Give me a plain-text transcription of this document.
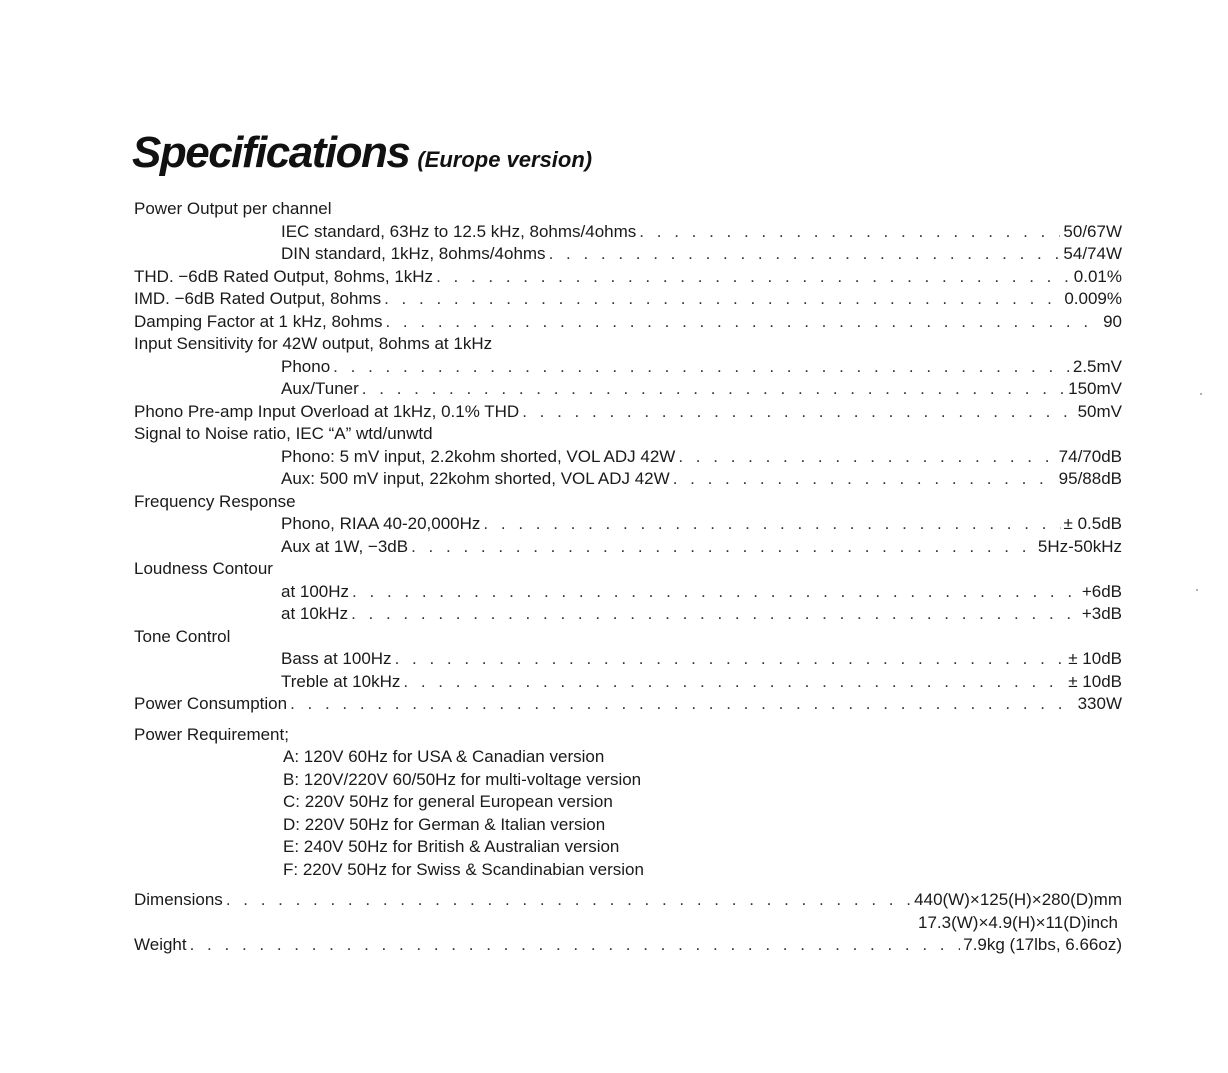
Specifications (Europe version)
Power Output per channel
IEC standard, 63Hz to 12.5 kHz, 8ohms/4ohms . . .	50/67W
DIN standard, 1kHz, 8ohms/4ohms . . .	54/74W
THD. −6dB Rated Output, 8ohms, 1kHz . . .	0.01%
IMD. −6dB Rated Output, 8ohms . . .	0.009%
Damping Factor at 1 kHz, 8ohms . . .	90
Input Sensitivity for 42W output, 8ohms at 1kHz
Phono . . .	2.5mV
Aux/Tuner . . .	150mV
Phono Pre-amp Input Overload at 1kHz, 0.1% THD . . .	50mV
Signal to Noise ratio, IEC “A” wtd/unwtd
Phono: 5 mV input, 2.2kohm shorted, VOL ADJ 42W . . .	74/70dB
Aux: 500 mV input, 22kohm shorted, VOL ADJ 42W . . .	95/88dB
Frequency Response
Phono, RIAA 40-20,000Hz . . .	± 0.5dB
Aux at 1W, −3dB . . .	5Hz-50kHz
Loudness Contour
at 100Hz . . .	+6dB
at 10kHz . . .	+3dB
Tone Control
Bass at 100Hz . . .	± 10dB
Treble at 10kHz . . .	± 10dB
Power Consumption . . .	330W
Power Requirement;
A: 120V 60Hz for USA & Canadian version
B: 120V/220V 60/50Hz for multi-voltage version
C: 220V 50Hz for general European version
D: 220V 50Hz for German & Italian version
E: 240V 50Hz for British & Australian version
F: 220V 50Hz for Swiss & Scandinabian version
Dimensions . . .	440(W)×125(H)×280(D)mm
17.3(W)×4.9(H)×11(D)inch
Weight . . .	7.9kg (17lbs, 6.66oz)
